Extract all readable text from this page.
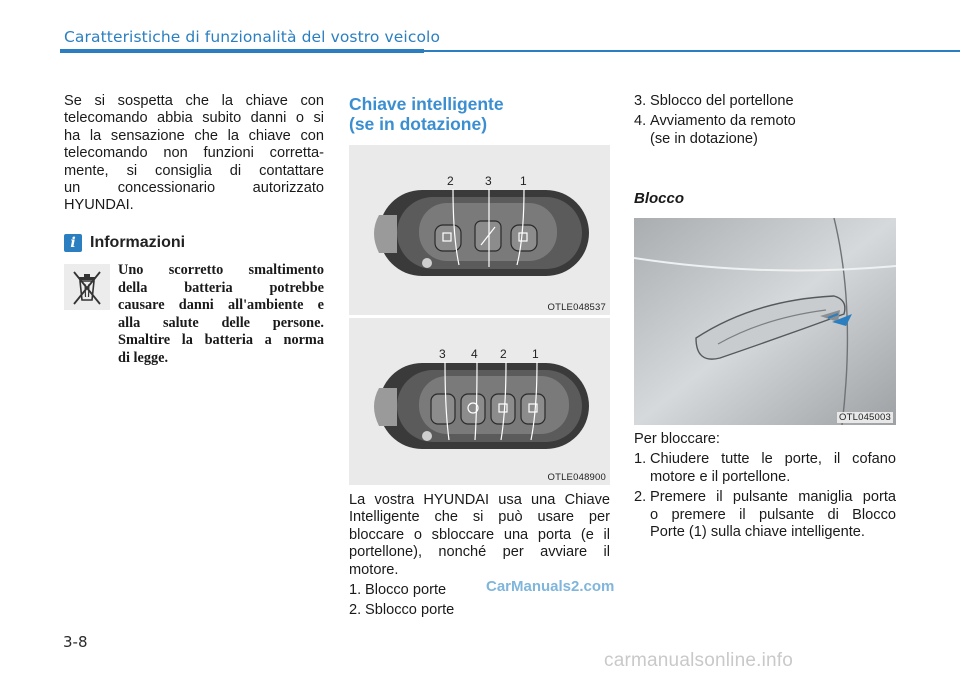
Caratteristiche di funzionalità del vostro veicolo

Se si sospetta che la chiave con

telecomando abbia subito danni o si

ha la sensazione che la chiave con

telecomando non funzioni corretta-

mente, si consiglia di contattare

un concessionario autorizzato

HYUNDAI.

i Informazioni

Uno scorretto smaltimento

della batteria potrebbe

causare danni all'ambiente e

alla salute delle persone.

Smaltire la batteria a norma

di legge.

Chiave intelligente
(se in dotazione)
2	3 1
OTLE048537
3 4 2 1
OTLE048900

La vostra HYUNDAI usa una Chiave

Intelligente che si può usare per

bloccare o sbloccare una porta (e il

portellone), nonché per avviare il

motore.

1. Blocco porte
2. Sblocco porte
3. Sblocco del portellone
4. Avviamento da remoto
(se in dotazione)
Blocco
OTL045003

Per bloccare:

1. Chiudere tutte le porte, il cofano
motore e il portellone.
2. Premere il pulsante maniglia porta
o premere il pulsante di Blocco
Porte (1) sulla chiave intelligente.
3-8
CarManuals2.com
carmanualsonline.info
